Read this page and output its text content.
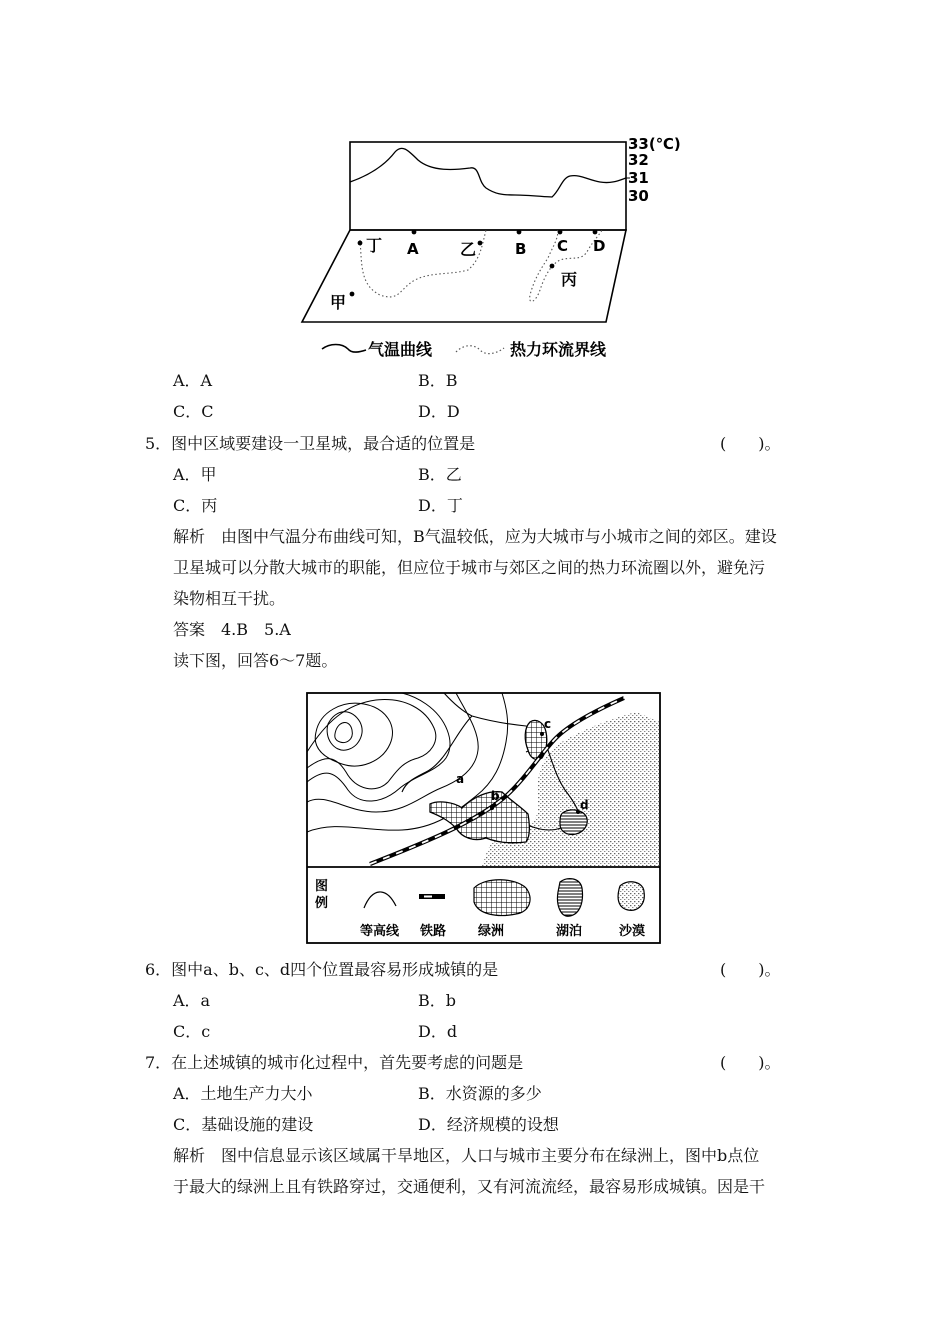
33(℃)
32
31
30
A	B C D
丁	乙
丙
甲
气温曲线	热力环流界线
A．A	B．B
C．C	D．D
5．图中区域要建设一卫星城，最合适的位置是	(　　)。
A．甲	B．乙
C．丙	D．丁
解析　由图中气温分布曲线可知，B气温较低，应为大城市与小城市之间的郊区。建设
卫星城可以分散大城市的职能，但应位于城市与郊区之间的热力环流圈以外，避免污
染物相互干扰。
答案　4.B　5.A
读下图，回答6～7题。
a
b
c
d
图
例
等高线 铁路 绿洲	湖泊	沙漠
6．图中a、b、c、d四个位置最容易形成城镇的是	(　　)。
A．a	B．b
C．c	D．d
7．在上述城镇的城市化过程中，首先要考虑的问题是	(　　)。
A．土地生产力大小	B．水资源的多少
C．基础设施的建设	D．经济规模的设想
解析　图中信息显示该区域属干旱地区，人口与城市主要分布在绿洲上，图中b点位
于最大的绿洲上且有铁路穿过，交通便利，又有河流流经，最容易形成城镇。因是干
